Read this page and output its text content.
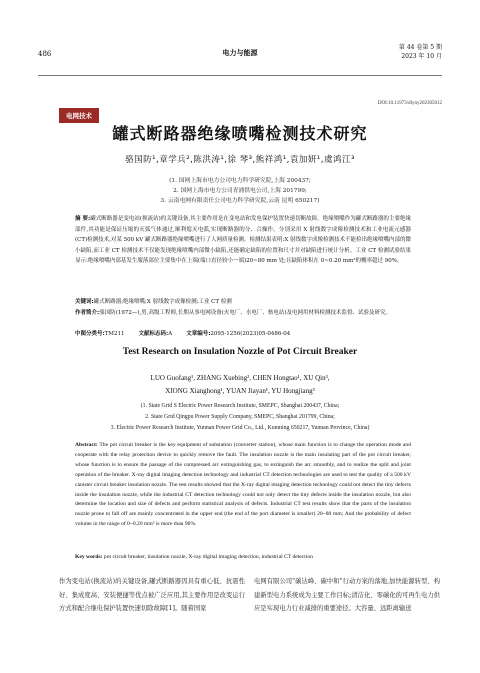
486	电力与能源
第 44 卷第 5 期
2023 年 10 月
DOI:10.11973/dlyny202305012
电网技术
罐式断路器绝缘喷嘴检测技术研究
骆国防¹,章学兵²,陈洪涛¹,徐 琴³,熊祥鸿¹,袁加妍¹,虞鸿江³
(1. 国网上海市电力公司电力科学研究院,上海 200437;
2. 国网上海市电力公司青浦供电公司,上海 201799;
3. 云南电网有限责任公司电力科学研究院,云南 昆明 650217)
摘 要:罐式断路器是变电站(换流站)的关键设备,其主要作用是在变电站和发电保护装置快速切断故障。绝缘喷嘴作为罐式断路器的主要绝缘部件,其功能是保证压缩的灭弧气体通过,顺利熄灭电弧,实现断路器的分、合操作。分别采用 X 射线数字成像检测技术和工业电流元感器(CT)检测技术,对某 500 kV 罐式断路器绝缘喷嘴进行了人网质量检测。检测结果表明:X 射线数字成像检测技术不能检出绝缘喷嘴内部的微小缺陷,而工业 CT 检测技术不仅能发现绝缘喷嘴内部微小缺陷,还能确定缺陷的位置和尺寸并对缺陷进行统计分析。工业 CT 检测试验结果显示:绝缘喷嘴内部基发生服落部位主要集中在上端(端口直径较小一端)20~80 mm 处;且缺陷体积在 0~0.20 mm³的概率超过 90%。
关键词:罐式断路器;绝缘喷嘴;X 射线数字成像检测;工业 CT 检测
作者简介:骆国防(1972—),男,高级工程师,长期从事电网设备(火电厂、水电厂、核电站)及电网用材料检测技术监督、试验及研究。
中图分类号:TM211	文献标志码:A	文章编号:2095-1256(2023)05-0486-04
Test Research on Insulation Nozzle of Pot Circuit Breaker
LUO Guofang¹, ZHANG Xuebing², CHEN Hongtao¹, XU Qin³,
XIONG Xianghong¹, YUAN Jiayan¹, YU Hongjiang³
(1. State Grid S Electric Power Research Institute, SMEPC, Shanghai 200437, China;
2. State Grid Qingpu Power Supply Company, SMEPC, Shanghai 201799, China;
3. Electric Power Research Institute, Yunnan Power Grid Co., Ltd., Kunming 650217, Yunnan Province, China)
Abstract: The pot circuit breaker is the key equipment of substation (converter station), whose main function is to change the operation mode and cooperate with the relay protection device to quickly remove the fault. The insulation nozzle is the main insulating part of the pot circuit breaker, whose function is to ensure the passage of the compressed arc extinguishing gas, to extinguish the arc smoothly, and to realize the split and joint operation of the breaker. X-ray digital imaging detection technology and industrial CT detection technologies are used to test the quality of a 500 kV canister circuit breaker insulation nozzle. The test results showed that the X-ray digital imaging detection technology could not detect the tiny defects inside the insulation nozzle, while the industrial CT detection technology could not only detect the tiny defects inside the insulation nozzle, but also determine the location and size of defects and perform statistical analysis of defects. Industrial CT test results show that the parts of the insulation nozzle prone to fall off are mainly concentrated in the upper end (the end of the port diameter is smaller) 20~80 mm; And the probability of defect volume in the range of 0~0.20 mm³ is more than 90%.
Key words: pot circuit breaker, insulation nozzle, X-ray digital imaging detection, industrial CT detection
作为变电站(换流站)的关键设备,罐式断路器因具有重心低、抗震性好、集成度高、安装便捷等优点被广泛应用,其主要作用是改变运行方式和配合继电保护装置快速切除故障[1]。随着国家
电网有限公司"碳达峰、碳中和"行动方案的落地,加快能源转型、构建新型电力系统成为主要工作目标;清洁化、零碳化的可再生电力供应是实现电力行业减排的重要途径。大容量、远距离输送
